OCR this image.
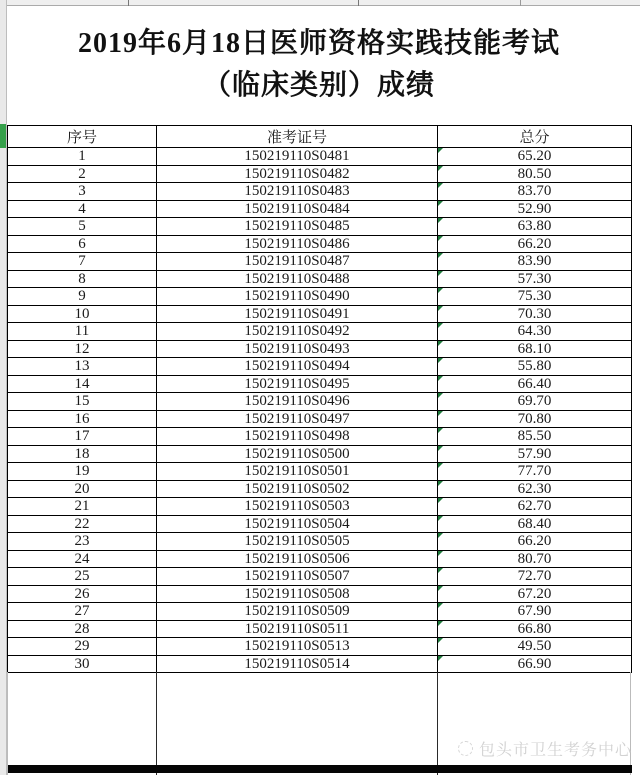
2019年6月18日医师资格实践技能考试
（临床类别）成绩
序号	准考证号	总分
1	150219110S0481	65.20
2	150219110S0482	80.50
3	150219110S0483	83.70
4	150219110S0484	52.90
5	150219110S0485	63.80
6	150219110S0486	66.20
7	150219110S0487	83.90
8	150219110S0488	57.30
9	150219110S0490	75.30
10	150219110S0491	70.30
11	150219110S0492	64.30
12	150219110S0493	68.10
13	150219110S0494	55.80
14	150219110S0495	66.40
15	150219110S0496	69.70
16	150219110S0497	70.80
17	150219110S0498	85.50
18	150219110S0500	57.90
19	150219110S0501	77.70
20	150219110S0502	62.30
21	150219110S0503	62.70
22	150219110S0504	68.40
23	150219110S0505	66.20
24	150219110S0506	80.70
25	150219110S0507	72.70
26	150219110S0508	67.20
27	150219110S0509	67.90
28	150219110S0511	66.80
29	150219110S0513	49.50
30	150219110S0514	66.90
包头市卫生考务中心
